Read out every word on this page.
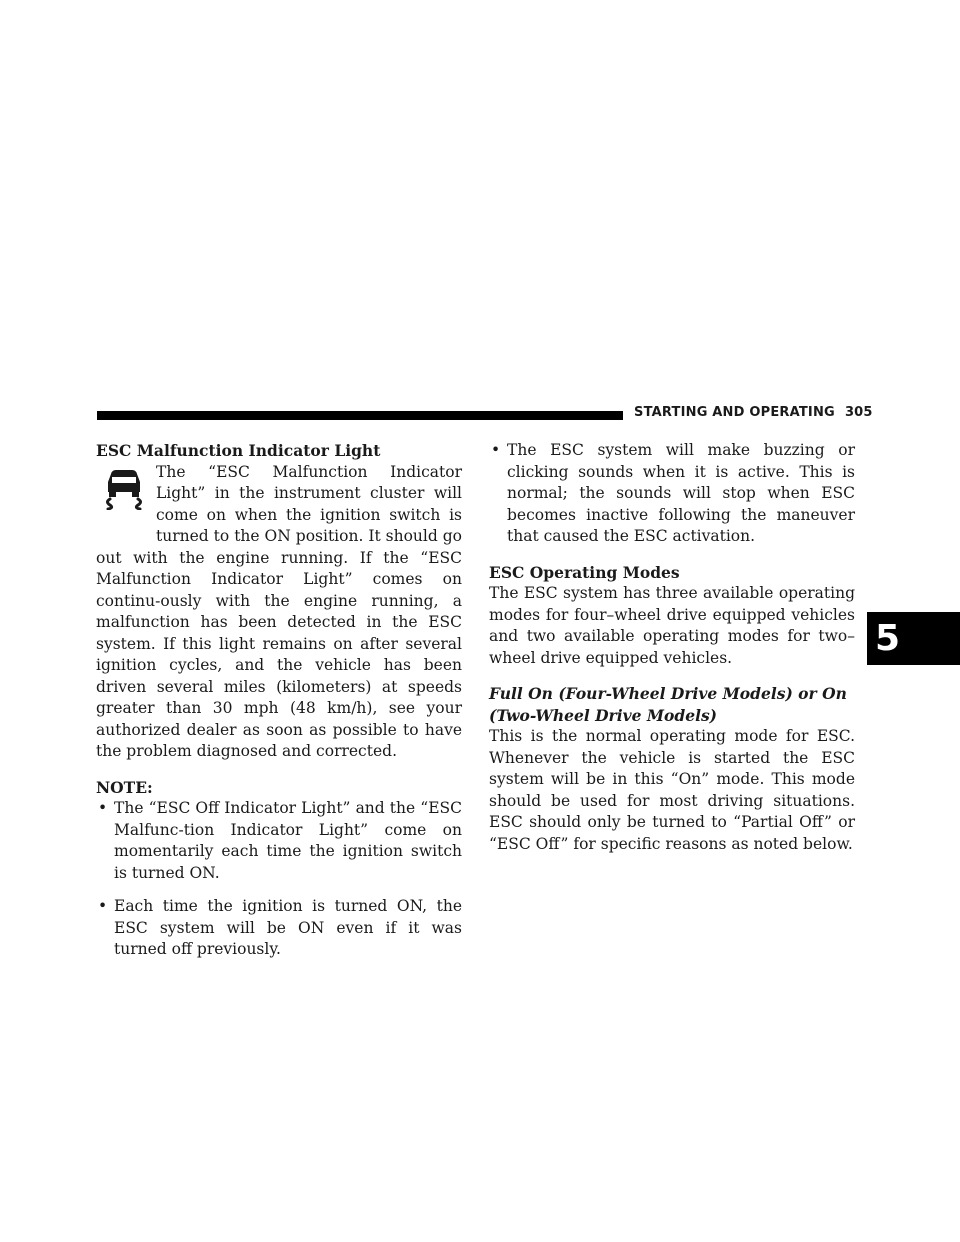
STARTING AND OPERATING 305
5
ESC Malfunction Indicator Light

The “ESC Malfunction Indicator Light” in the instrument cluster will come on when the ignition switch is turned to the ON position. It should go out with the engine running. If the “ESC Malfunction Indicator Light” comes on continu-ously with the engine running, a malfunction has been detected in the ESC system. If this light remains on after several ignition cycles, and the vehicle has been driven several miles (kilometers) at speeds greater than 30 mph (48 km/h), see your authorized dealer as soon as possible to have the problem diagnosed and corrected.

NOTE:
• The “ESC Off Indicator Light” and the “ESC Malfunc-tion Indicator Light” come on momentarily each time the ignition switch is turned ON.
• Each time the ignition is turned ON, the ESC system will be ON even if it was turned off previously.
• The ESC system will make buzzing or clicking sounds when it is active. This is normal; the sounds will stop when ESC becomes inactive following the maneuver that caused the ESC activation.
ESC Operating Modes

The ESC system has three available operating modes for four–wheel drive equipped vehicles and two available operating modes for two–wheel drive equipped vehicles.

Full On (Four-Wheel Drive Models) or On (Two-Wheel Drive Models)

This is the normal operating mode for ESC. Whenever the vehicle is started the ESC system will be in this “On” mode. This mode should be used for most driving situations. ESC should only be turned to “Partial Off” or “ESC Off” for specific reasons as noted below.
